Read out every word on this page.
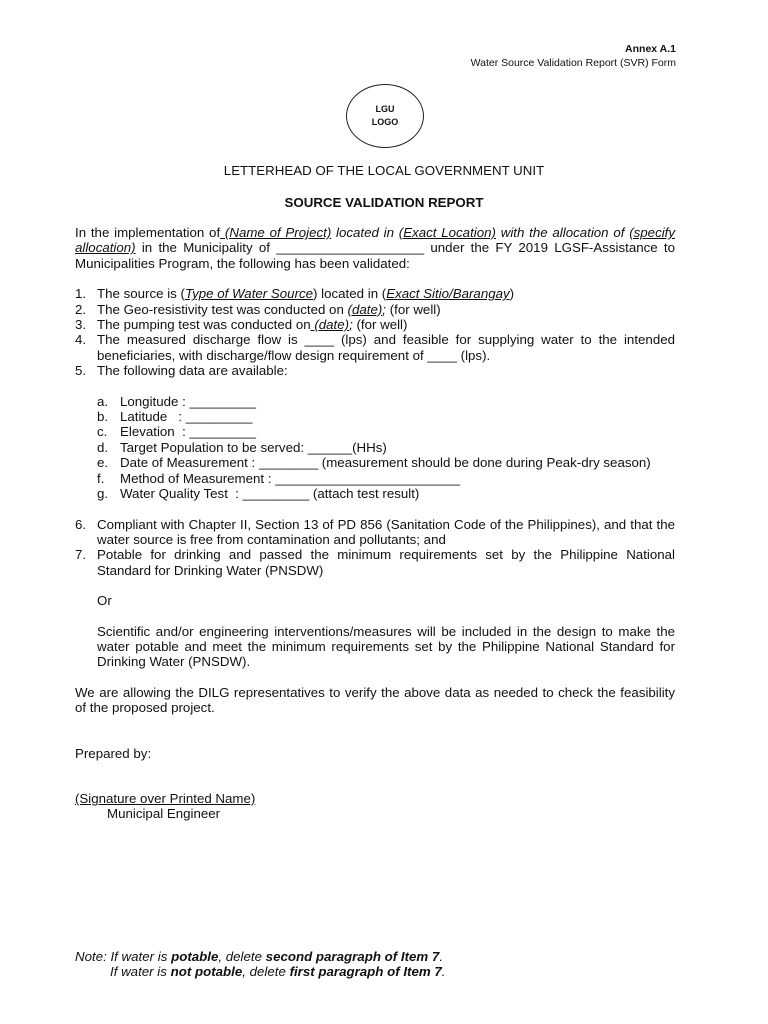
Annex A.1
Water Source Validation Report (SVR) Form
LGU
LOGO
LETTERHEAD OF THE LOCAL GOVERNMENT UNIT
SOURCE VALIDATION REPORT
In the implementation of (Name of Project) located in (Exact Location) with the allocation of (specify allocation) in the Municipality of ____________________ under the FY 2019 LGSF-Assistance to Municipalities Program, the following has been validated:
1. The source is (Type of Water Source) located in (Exact Sitio/Barangay)
2. The Geo-resistivity test was conducted on (date); (for well)
3. The pumping test was conducted on (date); (for well)
4. The measured discharge flow is ____ (lps) and feasible for supplying water to the intended beneficiaries, with discharge/flow design requirement of ____ (lps).
5. The following data are available:
a. Longitude : _________
b. Latitude   : _________
c. Elevation  : _________
d. Target Population to be served: ______(HHs)
e. Date of Measurement : ________ (measurement should be done during Peak-dry season)
f. Method of Measurement : _________________________
g. Water Quality Test  : _________ (attach test result)
6. Compliant with Chapter II, Section 13 of PD 856 (Sanitation Code of the Philippines), and that the water source is free from contamination and pollutants; and
7. Potable for drinking and passed the minimum requirements set by the Philippine National Standard for Drinking Water (PNSDW)
Or
Scientific and/or engineering interventions/measures will be included in the design to make the water potable and meet the minimum requirements set by the Philippine National Standard for Drinking Water (PNSDW).
We are allowing the DILG representatives to verify the above data as needed to check the feasibility of the proposed project.
Prepared by:
(Signature over Printed Name)
Municipal Engineer
Note: If water is potable, delete second paragraph of Item 7.
If water is not potable, delete first paragraph of Item 7.
